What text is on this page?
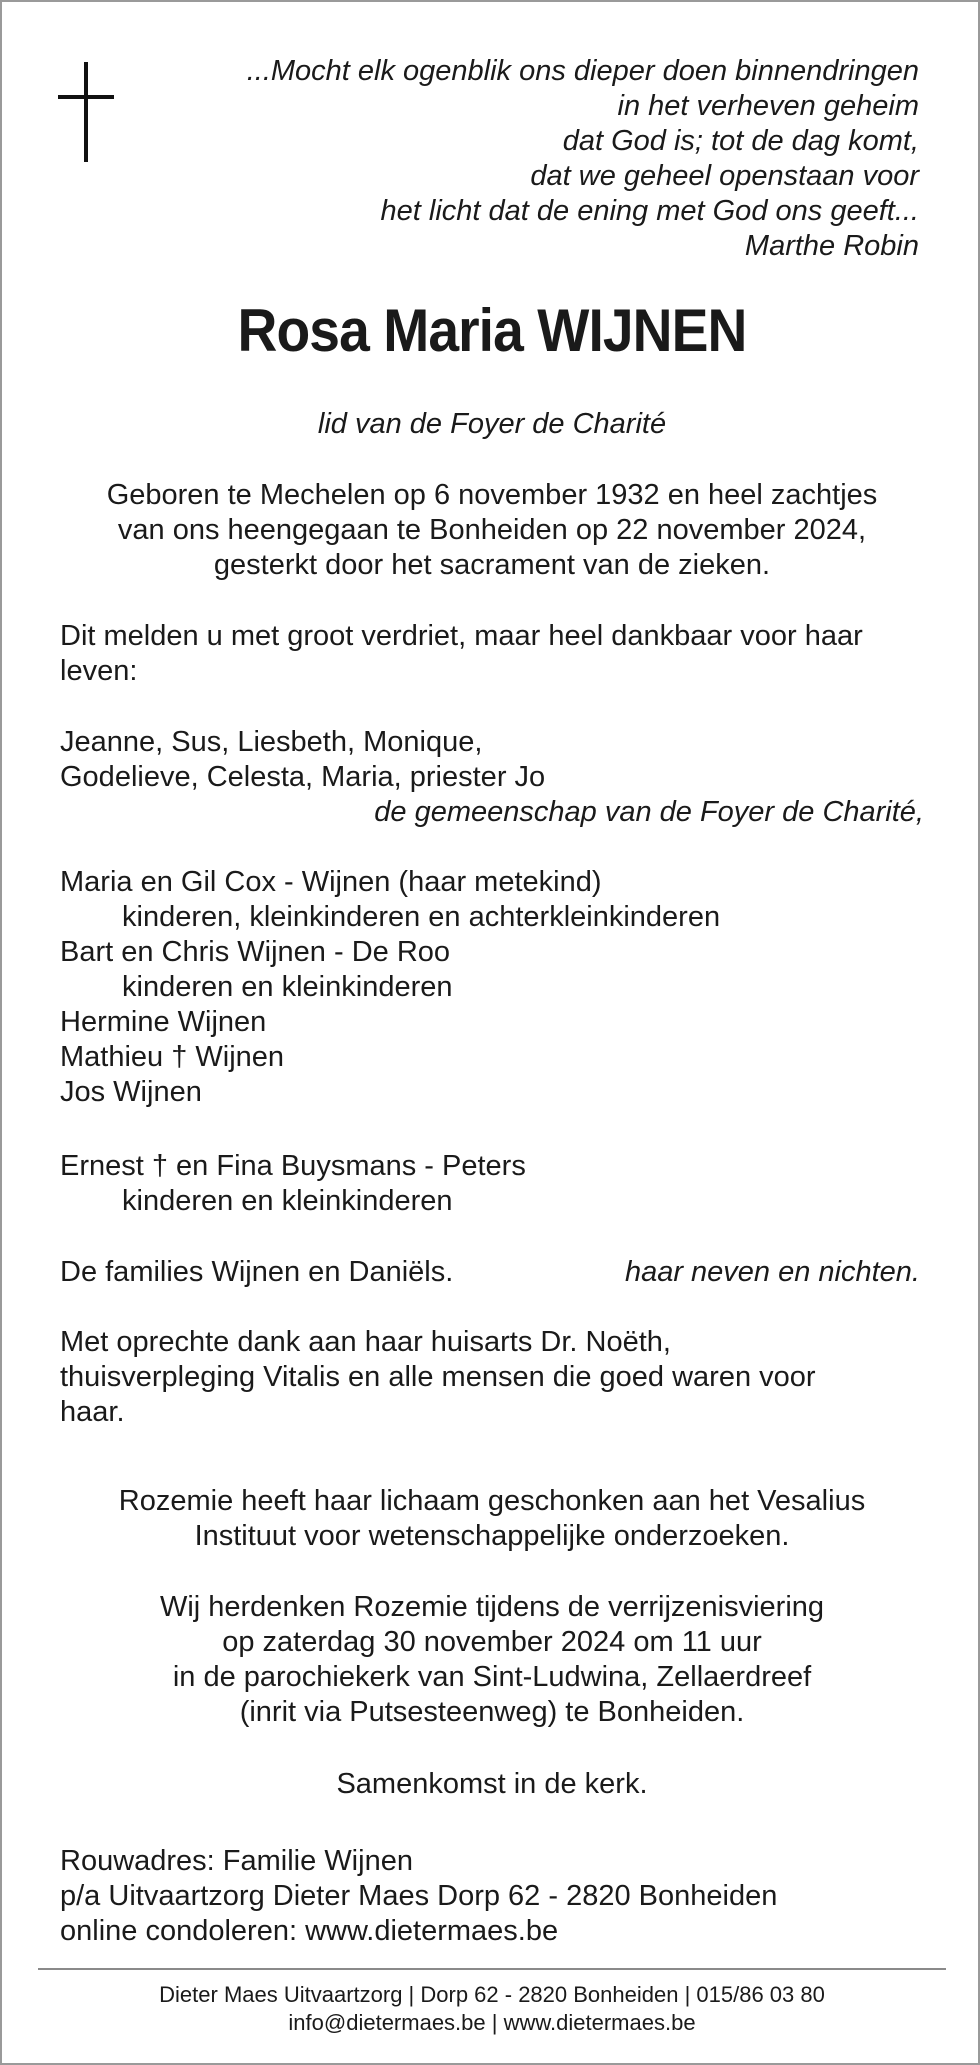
...Mocht elk ogenblik ons dieper doen binnendringen
in het verheven geheim
dat God is; tot de dag komt,
dat we geheel openstaan voor
het licht dat de ening met God ons geeft...
Marthe Robin
Rosa Maria WIJNEN
lid van de Foyer de Charité
Geboren te Mechelen op 6 november 1932 en heel zachtjes
van ons heengegaan te Bonheiden op 22 november 2024,
gesterkt door het sacrament van de zieken.
Dit melden u met groot verdriet, maar heel dankbaar voor haar
leven:
Jeanne, Sus, Liesbeth, Monique,
Godelieve, Celesta, Maria, priester Jo
de gemeenschap van de Foyer de Charité,
Maria en Gil Cox - Wijnen (haar metekind)
kinderen, kleinkinderen en achterkleinkinderen
Bart en Chris Wijnen - De Roo
kinderen en kleinkinderen
Hermine Wijnen
Mathieu † Wijnen
Jos Wijnen
Ernest † en Fina Buysmans - Peters
kinderen en kleinkinderen
De families Wijnen en Daniëls.	haar neven en nichten.
Met oprechte dank aan haar huisarts Dr. Noëth,
thuisverpleging Vitalis en alle mensen die goed waren voor
haar.
Rozemie heeft haar lichaam geschonken aan het Vesalius
Instituut voor wetenschappelijke onderzoeken.
Wij herdenken Rozemie tijdens de verrijzenisviering
op zaterdag 30 november 2024 om 11 uur
in de parochiekerk van Sint-Ludwina, Zellaerdreef
(inrit via Putsesteenweg) te Bonheiden.
Samenkomst in de kerk.
Rouwadres: Familie Wijnen
p/a Uitvaartzorg Dieter Maes Dorp 62 - 2820 Bonheiden
online condoleren: www.dietermaes.be
Dieter Maes Uitvaartzorg | Dorp 62 - 2820 Bonheiden | 015/86 03 80
info@dietermaes.be | www.dietermaes.be
